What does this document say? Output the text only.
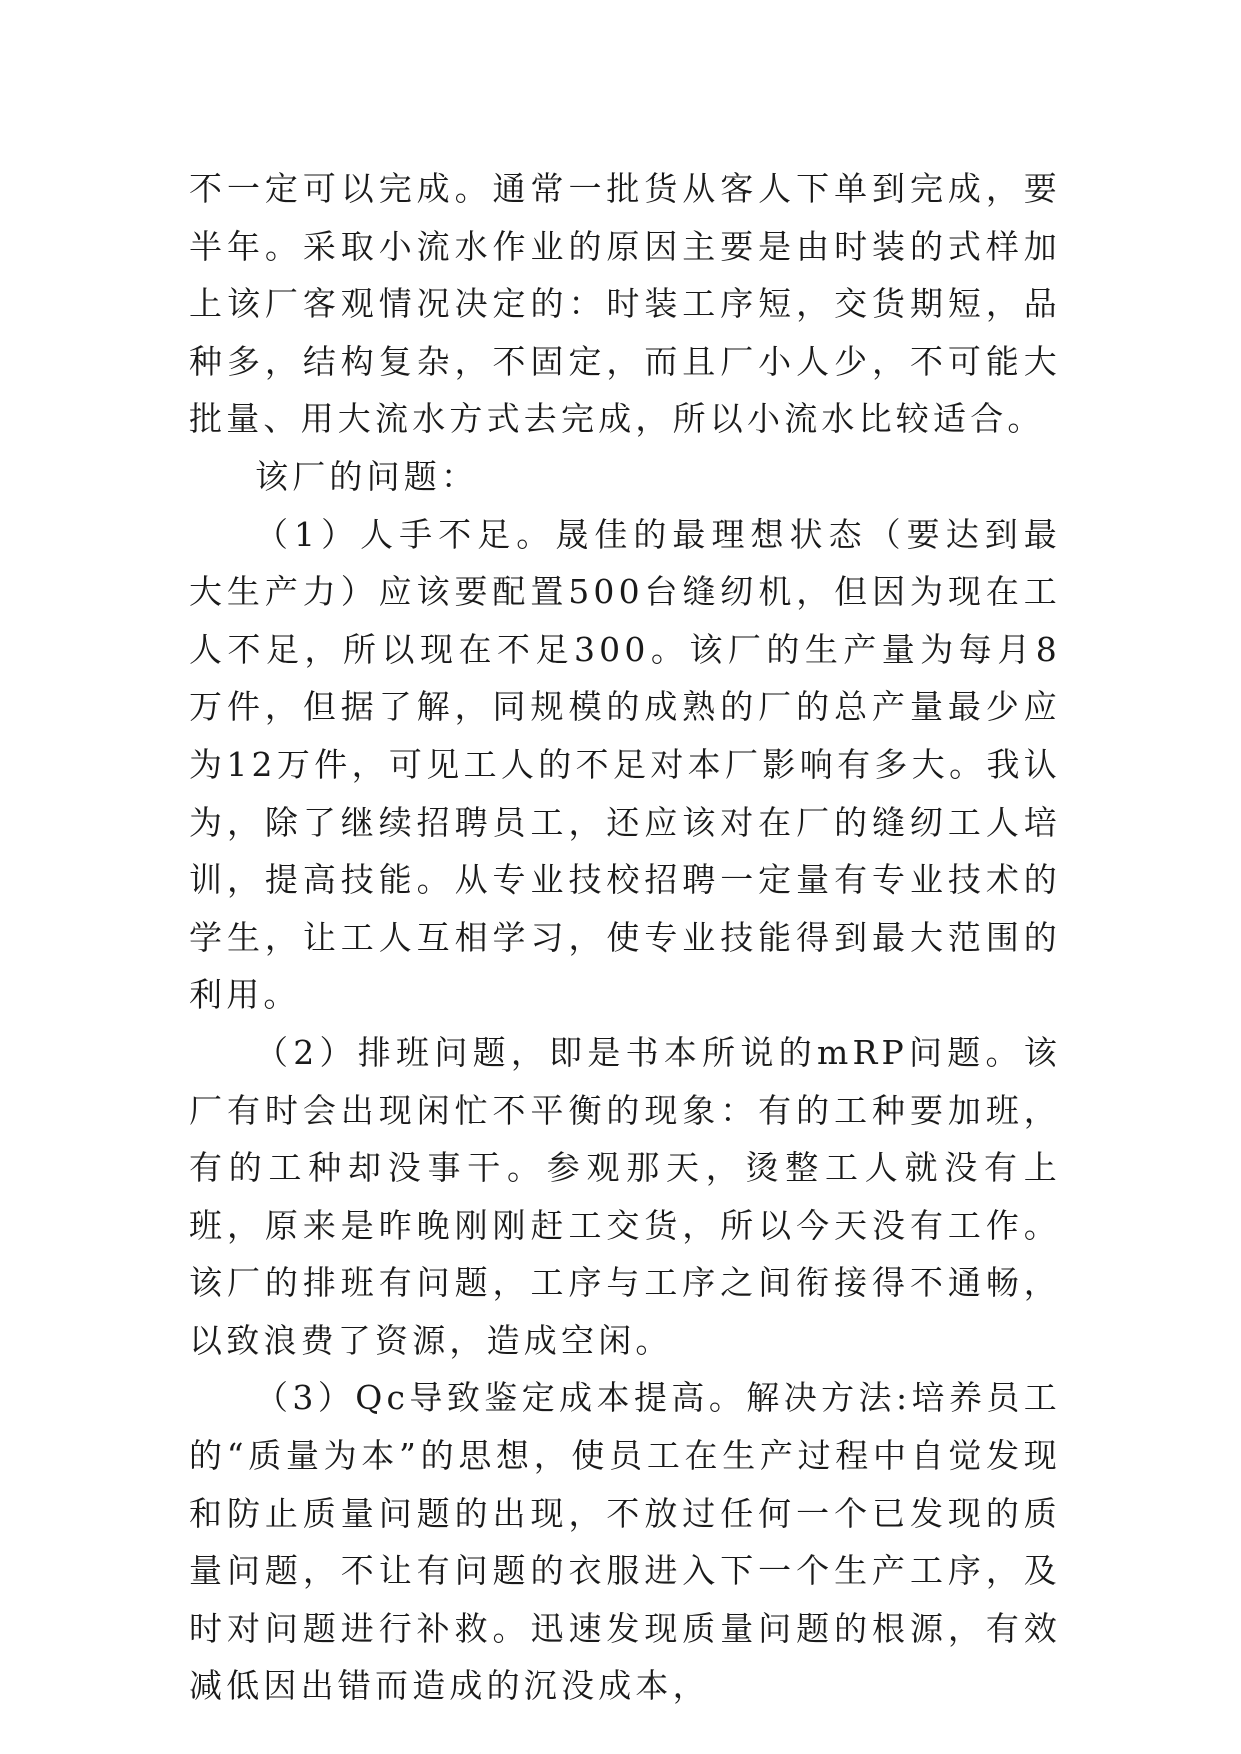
不一定可以完成。通常一批货从客人下单到完成，要半年。采取小流水作业的原因主要是由时装的式样加上该厂客观情况决定的：时装工序短，交货期短，品种多，结构复杂，不固定，而且厂小人少，不可能大批量、用大流水方式去完成，所以小流水比较适合。

该厂的问题：

（1）人手不足。晟佳的最理想状态（要达到最大生产力）应该要配置500台缝纫机，但因为现在工人不足，所以现在不足300。该厂的生产量为每月8万件，但据了解，同规模的成熟的厂的总产量最少应为12万件，可见工人的不足对本厂影响有多大。我认为，除了继续招聘员工，还应该对在厂的缝纫工人培训，提高技能。从专业技校招聘一定量有专业技术的学生，让工人互相学习，使专业技能得到最大范围的利用。

（2）排班问题，即是书本所说的mRP问题。该厂有时会出现闲忙不平衡的现象：有的工种要加班，有的工种却没事干。参观那天，烫整工人就没有上班，原来是昨晚刚刚赶工交货，所以今天没有工作。该厂的排班有问题，工序与工序之间衔接得不通畅，以致浪费了资源，造成空闲。

（3）Qc导致鉴定成本提高。解决方法:培养员工的“质量为本”的思想，使员工在生产过程中自觉发现和防止质量问题的出现，不放过任何一个已发现的质量问题，不让有问题的衣服进入下一个生产工序，及时对问题进行补救。迅速发现质量问题的根源，有效减低因出错而造成的沉没成本，
